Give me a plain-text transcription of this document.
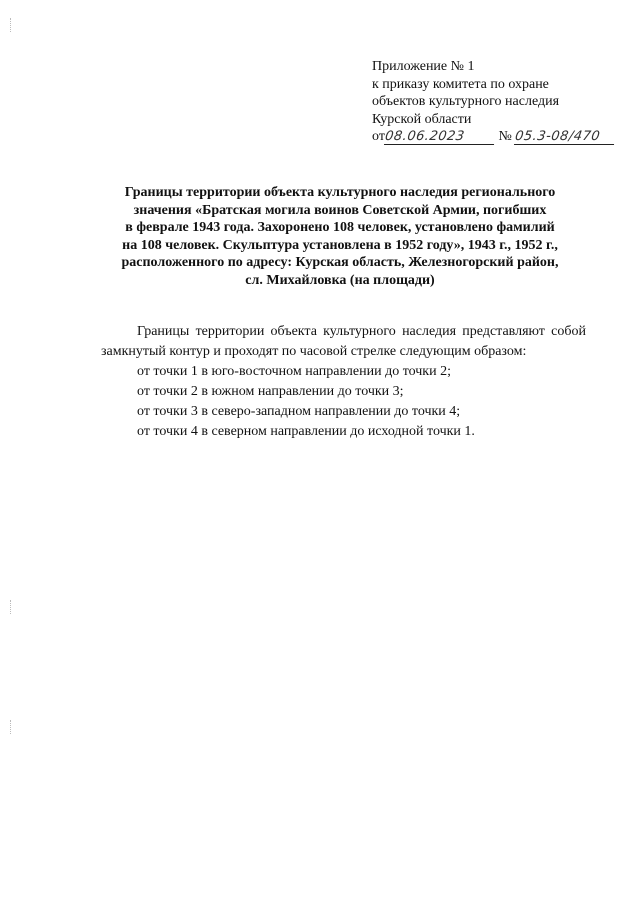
Приложение № 1
к приказу комитета по охране
объектов культурного наследия
Курской области
от08.06.2023 № 05.3-08/470
Границы территории объекта культурного наследия регионального
значения «Братская могила воинов Советской Армии, погибших
в феврале 1943 года. Захоронено 108 человек, установлено фамилий
на 108 человек. Скульптура установлена в 1952 году», 1943 г., 1952 г.,
расположенного по адресу: Курская область, Железногорский район,
сл. Михайловка (на площади)

Границы территории объекта культурного наследия представляют собой замкнутый контур и проходят по часовой стрелке следующим образом:

от точки 1 в юго-восточном направлении до точки 2;

от точки 2 в южном направлении до точки 3;

от точки 3 в северо-западном направлении до точки 4;

от точки 4 в северном направлении до исходной точки 1.
